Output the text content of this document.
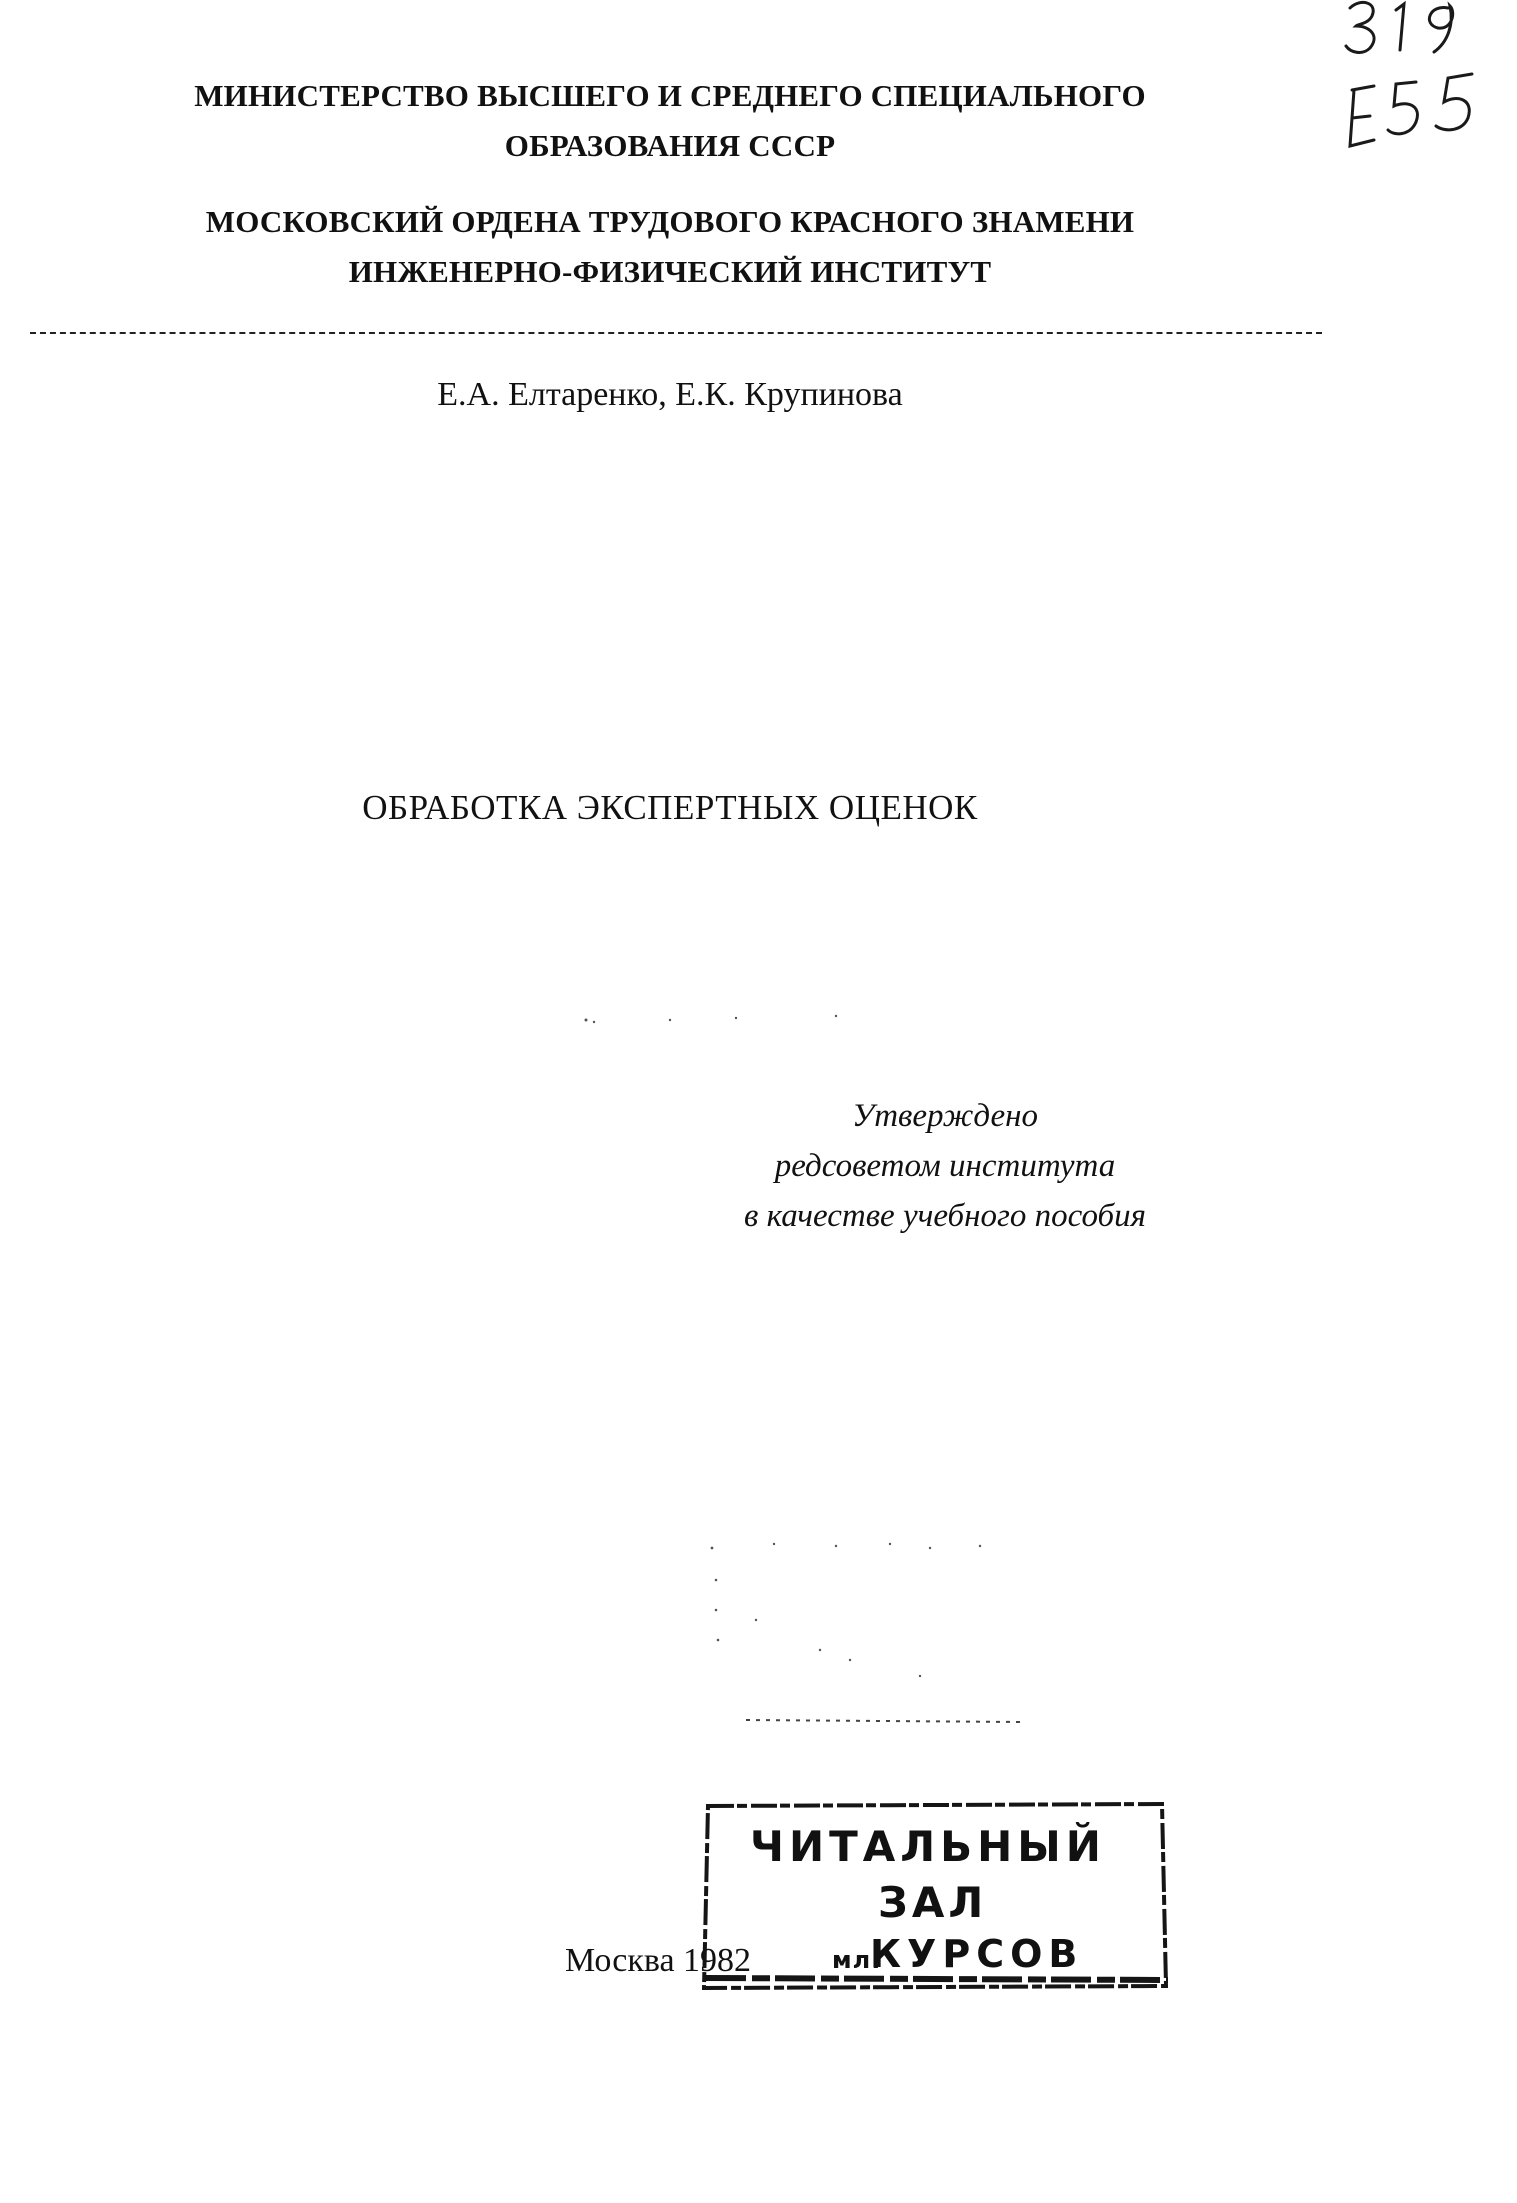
МИНИСТЕРСТВО ВЫСШЕГО И СРЕДНЕГО СПЕЦИАЛЬНОГО
ОБРАЗОВАНИЯ СССР
МОСКОВСКИЙ ОРДЕНА ТРУДОВОГО КРАСНОГО ЗНАМЕНИ
ИНЖЕНЕРНО-ФИЗИЧЕСКИЙ ИНСТИТУТ
Е.А. Елтаренко, Е.К. Крупинова
ОБРАБОТКА ЭКСПЕРТНЫХ ОЦЕНОК
Утверждено
редсоветом института
в качестве учебного пособия
ЧИТАЛЬНЫЙ
ЗАЛ
мл.
КУРСОВ
Москва 1982
